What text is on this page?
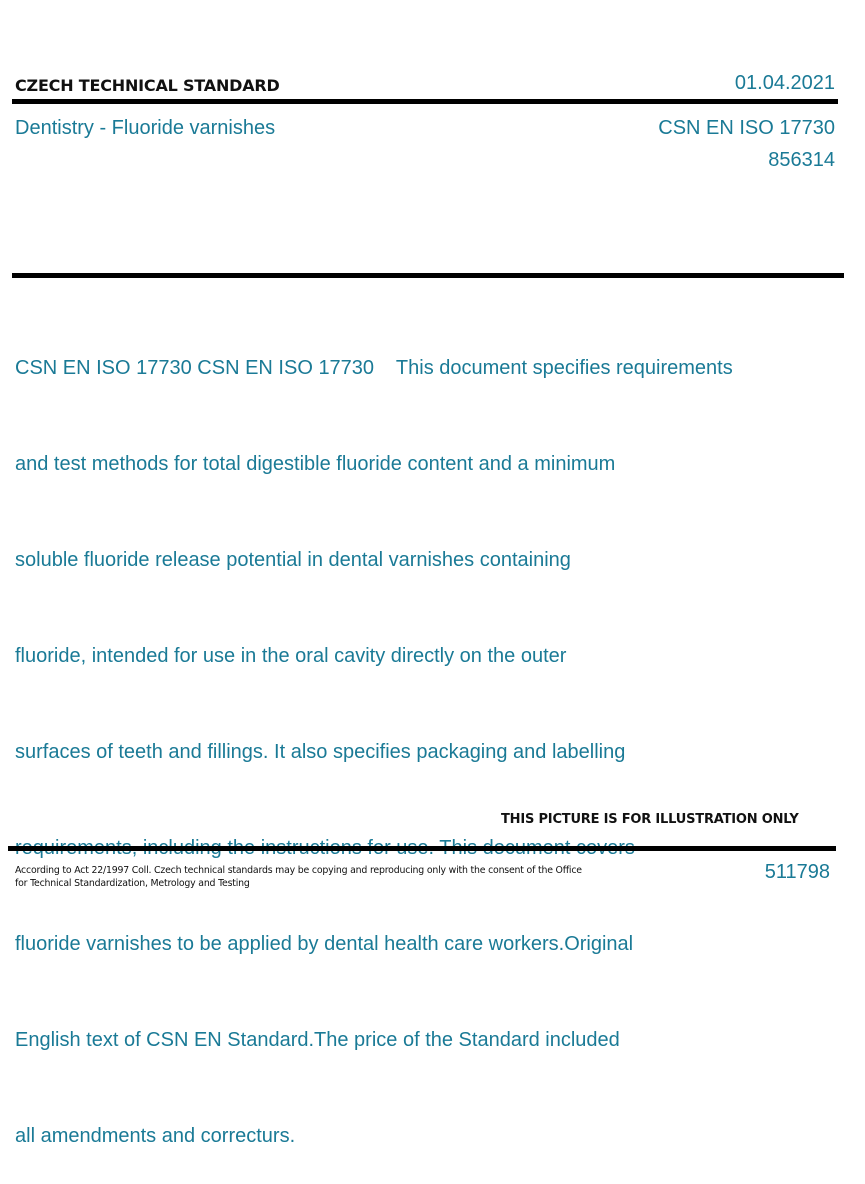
CZECH TECHNICAL STANDARD	01.04.2021
Dentistry - Fluoride varnishes	CSN EN ISO 17730
856314

CSN EN ISO 17730 CSN EN ISO 17730    This document specifies requirements

and test methods for total digestible fluoride content and a minimum

soluble fluoride release potential in dental varnishes containing

fluoride, intended for use in the oral cavity directly on the outer

surfaces of teeth and fillings. It also specifies packaging and labelling

fluoride varnishes to be applied by dental health care workers.Original

English text of CSN EN Standard.The price of the Standard included

all amendments and correcturs.

THIS PICTURE IS FOR ILLUSTRATION ONLY
According to Act 22/1997 Coll. Czech technical standards may be copying and reproducing only with the consent of the Office
for Technical Standardization, Metrology and Testing
511798
